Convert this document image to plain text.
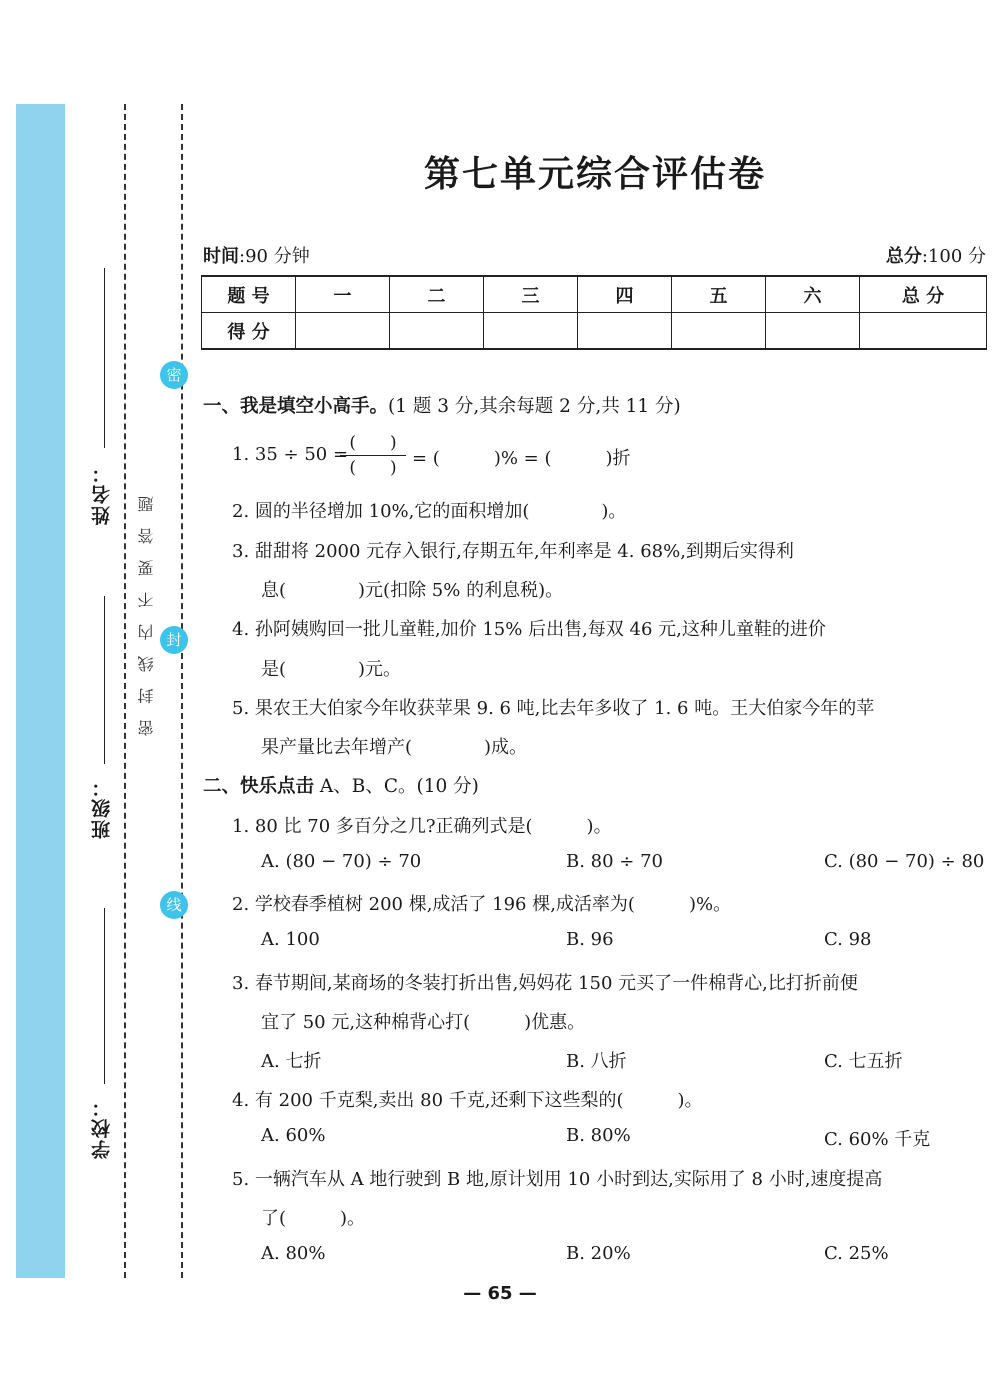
姓名：
班级：
学校：
密封线内不要答题
密
封
线
第七单元综合评估卷
时间:90 分钟	总分:100 分
题 号	一	二	三	四	五	六	总 分
得 分							
一、我是填空小高手。(1 题 3 分,其余每题 2 分,共 11 分)
1. 35 ÷ 50 =
(　　)
(　　) = (　　　)% = (　　　)折
2. 圆的半径增加 10%,它的面积增加(　　　　)。
3. 甜甜将 2000 元存入银行,存期五年,年利率是 4. 68%,到期后实得利
息(　　　　)元(扣除 5% 的利息税)。
4. 孙阿姨购回一批儿童鞋,加价 15% 后出售,每双 46 元,这种儿童鞋的进价
是(　　　　)元。
5. 果农王大伯家今年收获苹果 9. 6 吨,比去年多收了 1. 6 吨。王大伯家今年的苹
果产量比去年增产(　　　　)成。
二、快乐点击 A、B、C。(10 分)
1. 80 比 70 多百分之几?正确列式是(　　　)。
A. (80 − 70) ÷ 70	B. 80 ÷ 70	C. (80 − 70) ÷ 80
2. 学校春季植树 200 棵,成活了 196 棵,成活率为(　　　)%。
A. 100	B. 96	C. 98
3. 春节期间,某商场的冬装打折出售,妈妈花 150 元买了一件棉背心,比打折前便
宜了 50 元,这种棉背心打(　　　)优惠。
A. 七折	B. 八折	C. 七五折
4. 有 200 千克梨,卖出 80 千克,还剩下这些梨的(　　　)。
A. 60%	B. 80%	C. 60% 千克
5. 一辆汽车从 A 地行驶到 B 地,原计划用 10 小时到达,实际用了 8 小时,速度提高
了(　　　)。
A. 80%	B. 20%	C. 25%
— 65 —
